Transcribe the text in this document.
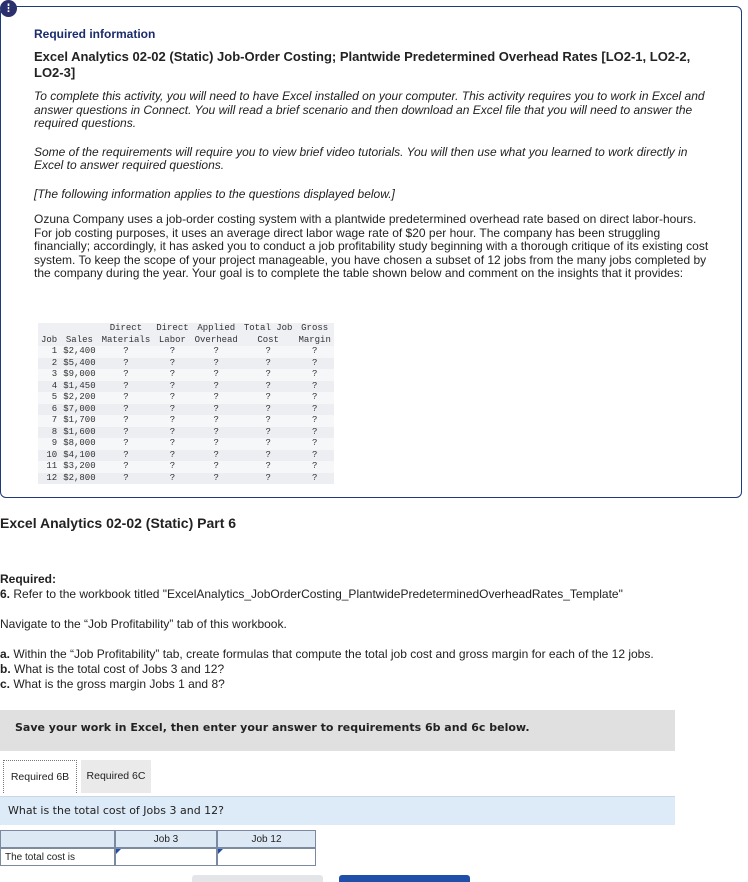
!

Required information

Excel Analytics 02-02 (Static) Job-Order Costing; Plantwide Predetermined Overhead Rates [LO2-1, LO2-2, LO2-3]

To complete this activity, you will need to have Excel installed on your computer. This activity requires you to work in Excel and answer questions in Connect. You will read a brief scenario and then download an Excel file that you will need to answer the required questions.

Some of the requirements will require you to view brief video tutorials. You will then use what you learned to work directly in Excel to answer required questions.

[The following information applies to the questions displayed below.]

Ozuna Company uses a job-order costing system with a plantwide predetermined overhead rate based on direct labor-hours. For job costing purposes, it uses an average direct labor wage rate of $20 per hour. The company has been struggling financially; accordingly, it has asked you to conduct a job profitability study beginning with a thorough critique of its existing cost system. To keep the scope of your project manageable, you have chosen a subset of 12 jobs from the many jobs completed by the company during the year. Your goal is to complete the table shown below and comment on the insights that it provides:

		Direct	Direct	Applied	Total Job	Gross
Job	Sales	Materials	Labor	Overhead	Cost	Margin
1	$2,400	?	?	?	?	?
2	$5,400	?	?	?	?	?
3	$9,000	?	?	?	?	?
4	$1,450	?	?	?	?	?
5	$2,200	?	?	?	?	?
6	$7,000	?	?	?	?	?
7	$1,700	?	?	?	?	?
8	$1,600	?	?	?	?	?
9	$8,000	?	?	?	?	?
10	$4,100	?	?	?	?	?
11	$3,200	?	?	?	?	?
12	$2,800	?	?	?	?	?
Excel Analytics 02-02 (Static) Part 6

Required:

6. Refer to the workbook titled "ExcelAnalytics_JobOrderCosting_PlantwidePredeterminedOverheadRates_Template"

Navigate to the “Job Profitability” tab of this workbook.

a. Within the “Job Profitability” tab, create formulas that compute the total job cost and gross margin for each of the 12 jobs.

b. What is the total cost of Jobs 3 and 12?

c. What is the gross margin Jobs 1 and 8?

Save your work in Excel, then enter your answer to requirements 6b and 6c below.
Required 6B	Required 6C
What is the total cost of Jobs 3 and 12?
Job 3	Job 12
The total cost is
